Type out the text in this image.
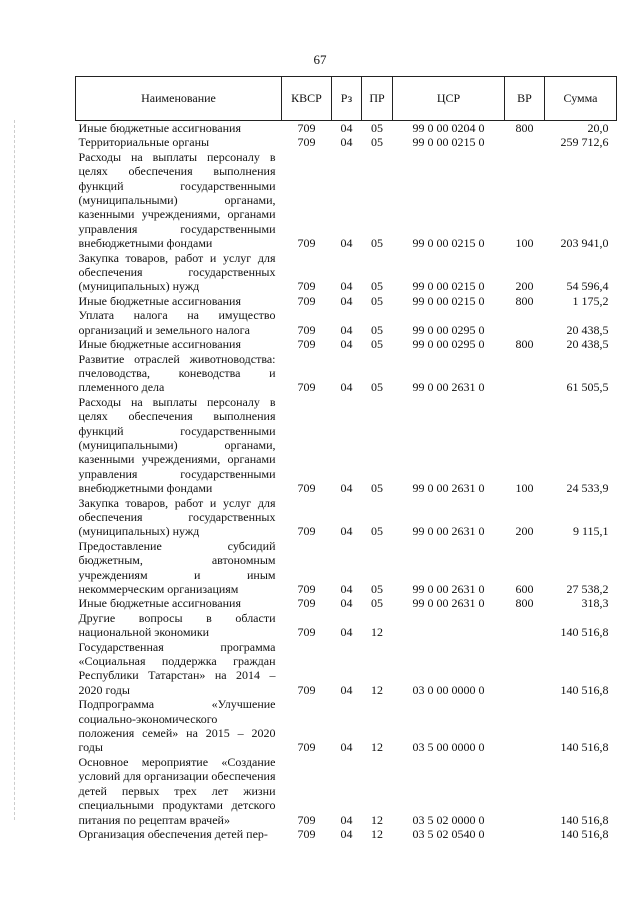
67
Наименование	КВСР	Рз	ПР	ЦСР	ВР	Сумма
Иные бюджетные ассигнования	709	04	05	99 0 00 0204 0	800	20,0
Территориальные органы	709	04	05	99 0 00 0215 0		259 712,6
Расходы на выплаты персоналу в целях обеспечения выполнения функций государственными (муниципальными) органами, казенными учреждениями, органами управления государственными внебюджетными фондами	709	04	05	99 0 00 0215 0	100	203 941,0
Закупка товаров, работ и услуг для обеспечения государственных (муниципальных) нужд	709	04	05	99 0 00 0215 0	200	54 596,4
Иные бюджетные ассигнования	709	04	05	99 0 00 0215 0	800	1 175,2
Уплата налога на имущество организаций и земельного налога	709	04	05	99 0 00 0295 0		20 438,5
Иные бюджетные ассигнования	709	04	05	99 0 00 0295 0	800	20 438,5
Развитие отраслей животноводства: пчеловодства, коневодства и племенного дела	709	04	05	99 0 00 2631 0		61 505,5
Расходы на выплаты персоналу в целях обеспечения выполнения функций государственными (муниципальными) органами, казенными учреждениями, органами управления государственными внебюджетными фондами	709	04	05	99 0 00 2631 0	100	24 533,9
Закупка товаров, работ и услуг для обеспечения государственных (муниципальных) нужд	709	04	05	99 0 00 2631 0	200	9 115,1
Предоставление субсидий бюджетным, автономным учреждениям и иным некоммерческим организациям	709	04	05	99 0 00 2631 0	600	27 538,2
Иные бюджетные ассигнования	709	04	05	99 0 00 2631 0	800	318,3
Другие вопросы в области национальной экономики	709	04	12			140 516,8
Государственная программа «Социальная поддержка граждан Республики Татарстан» на 2014 – 2020 годы	709	04	12	03 0 00 0000 0		140 516,8
Подпрограмма «Улучшение социально-экономического положения семей» на 2015 – 2020 годы	709	04	12	03 5 00 0000 0		140 516,8
Основное мероприятие «Создание условий для организации обеспечения детей первых трех лет жизни специальными продуктами детского питания по рецептам врачей»	709	04	12	03 5 02 0000 0		140 516,8
Организация обеспечения детей пер-	709	04	12	03 5 02 0540 0		140 516,8
